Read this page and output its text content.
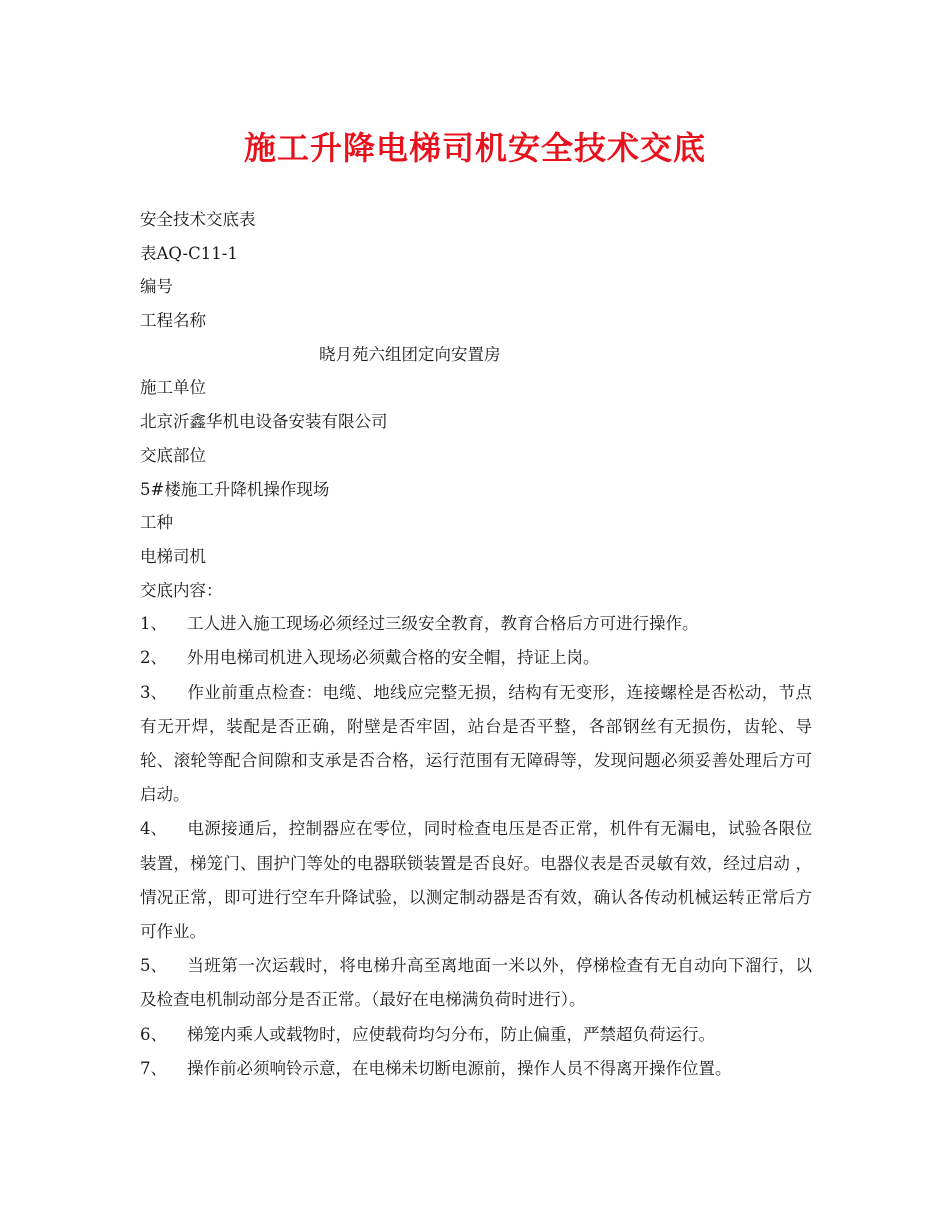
施工升降电梯司机安全技术交底
安全技术交底表
表AQ-C11-1
编号
工程名称
晓月苑六组团定向安置房
施工单位
北京沂鑫华机电设备安装有限公司
交底部位
5#楼施工升降机操作现场
工种
电梯司机
交底内容：
1、 工人进入施工现场必须经过三级安全教育，教育合格后方可进行操作。
2、 外用电梯司机进入现场必须戴合格的安全帽，持证上岗。
3、 作业前重点检查：电缆、地线应完整无损，结构有无变形，连接螺栓是否松动，节点有无开焊，装配是否正确，附壁是否牢固，站台是否平整，各部钢丝有无损伤，齿轮、导轮、滚轮等配合间隙和支承是否合格，运行范围有无障碍等，发现问题必须妥善处理后方可启动。
4、 电源接通后，控制器应在零位，同时检查电压是否正常，机件有无漏电，试验各限位装置，梯笼门、围护门等处的电器联锁装置是否良好。电器仪表是否灵敏有效，经过启动 ，情况正常，即可进行空车升降试验，以测定制动器是否有效，确认各传动机械运转正常后方可作业。
5、 当班第一次运载时，将电梯升高至离地面一米以外，停梯检查有无自动向下溜行，以及检查电机制动部分是否正常。（最好在电梯满负荷时进行）。
6、 梯笼内乘人或载物时，应使载荷均匀分布，防止偏重，严禁超负荷运行。
7、 操作前必须响铃示意，在电梯未切断电源前，操作人员不得离开操作位置。
